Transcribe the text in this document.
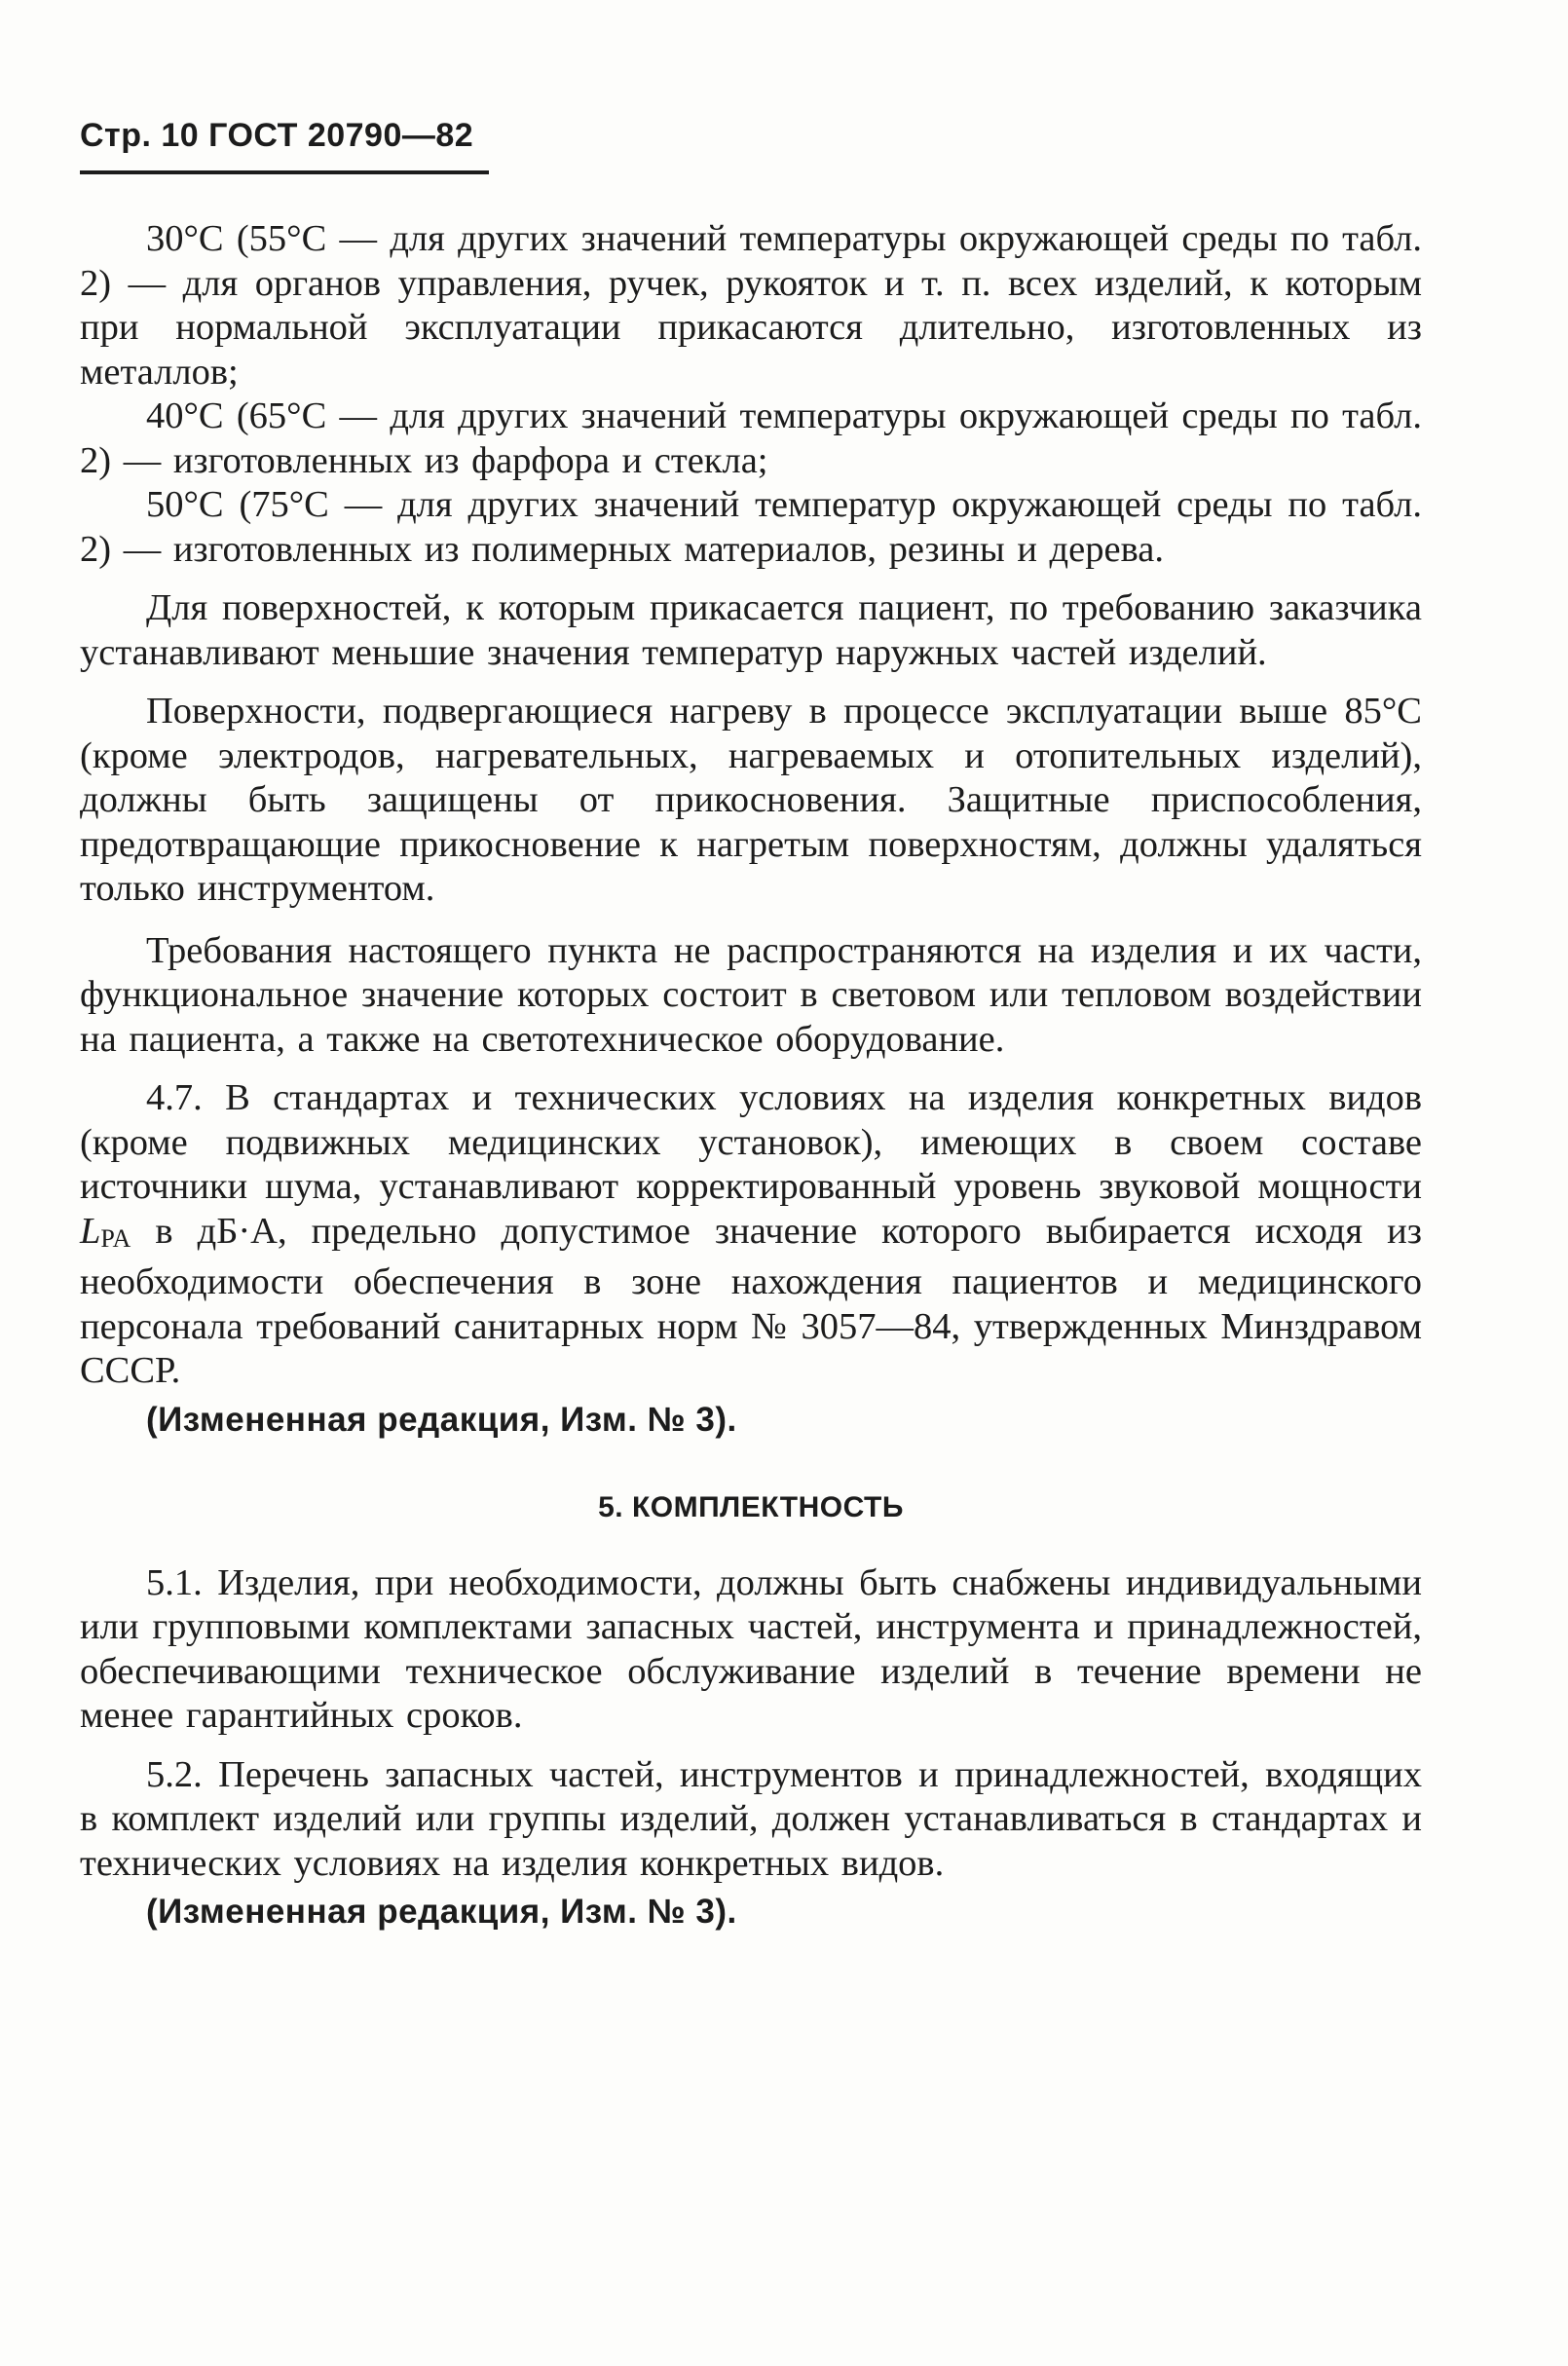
Стр. 10 ГОСТ 20790—82

30°С (55°С — для других значений температуры окружающей среды по табл. 2) — для органов управления, ручек, рукояток и т. п. всех изделий, к которым при нормальной эксплуатации прикасаются длительно, изготовленных из металлов;

40°С (65°С — для других значений температуры окружающей среды по табл. 2) — изготовленных из фарфора и стекла;

50°С (75°С — для других значений температур окружающей среды по табл. 2) — изготовленных из полимерных материалов, резины и дерева.

Для поверхностей, к которым прикасается пациент, по требованию заказчика устанавливают меньшие значения температур наружных частей изделий.

Поверхности, подвергающиеся нагреву в процессе эксплуатации выше 85°С (кроме электродов, нагревательных, нагреваемых и отопительных изделий), должны быть защищены от прикосновения. Защитные приспособления, предотвращающие прикосновение к нагретым поверхностям, должны удаляться только инструментом.

Требования настоящего пункта не распространяются на изделия и их части, функциональное значение которых состоит в световом или тепловом воздействии на пациента, а также на светотехническое оборудование.

4.7. В стандартах и технических условиях на изделия конкретных видов (кроме подвижных медицинских установок), имеющих в своем составе источники шума, устанавливают корректированный уровень звуковой мощности LPA в дБ·А, предельно допустимое значение которого выбирается исходя из необходимости обеспечения в зоне нахождения пациентов и медицинского персонала требований санитарных норм № 3057—84, утвержденных Минздравом СССР.

(Измененная редакция, Изм. № 3).

5. КОМПЛЕКТНОСТЬ

5.1. Изделия, при необходимости, должны быть снабжены индивидуальными или групповыми комплектами запасных частей, инструмента и принадлежностей, обеспечивающими техническое обслуживание изделий в течение времени не менее гарантийных сроков.

5.2. Перечень запасных частей, инструментов и принадлежностей, входящих в комплект изделий или группы изделий, должен устанавливаться в стандартах и технических условиях на изделия конкретных видов.

(Измененная редакция, Изм. № 3).
